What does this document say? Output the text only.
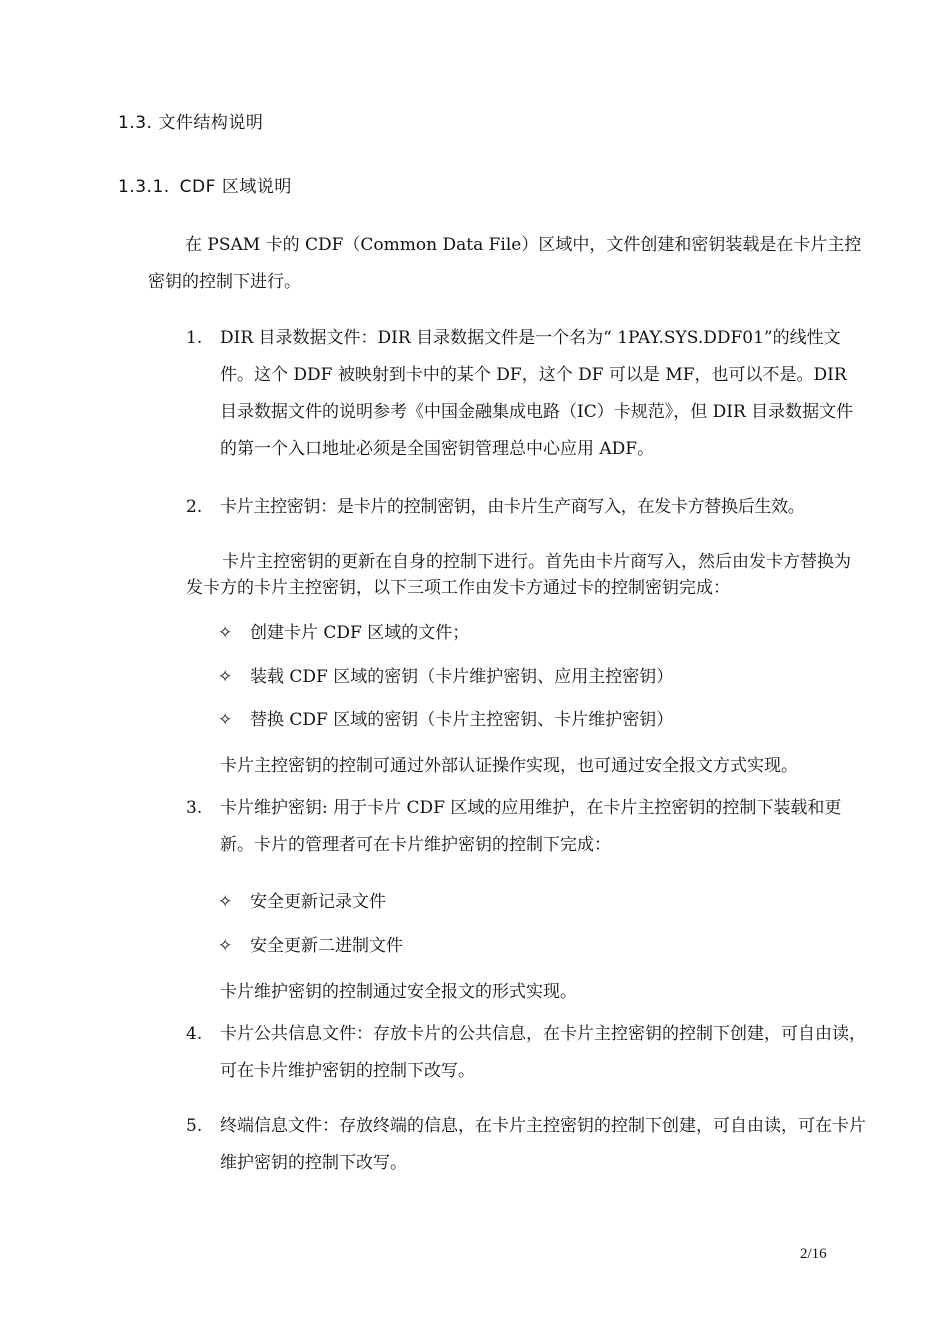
1.3. 文件结构说明
1.3.1. CDF 区域说明
在 PSAM 卡的 CDF（Common Data File）区域中，文件创建和密钥装载是在卡片主控密钥的控制下进行。
1.	DIR 目录数据文件：DIR 目录数据文件是一个名为“ 1PAY.SYS.DDF01”的线性文件。这个 DDF 被映射到卡中的某个 DF，这个 DF 可以是 MF，也可以不是。DIR 目录数据文件的说明参考《中国金融集成电路（IC）卡规范》，但 DIR 目录数据文件的第一个入口地址必须是全国密钥管理总中心应用 ADF。
2.	卡片主控密钥：是卡片的控制密钥，由卡片生产商写入，在发卡方替换后生效。
卡片主控密钥的更新在自身的控制下进行。首先由卡片商写入，然后由发卡方替换为发卡方的卡片主控密钥，以下三项工作由发卡方通过卡的控制密钥完成：
✧ 创建卡片 CDF 区域的文件；
✧ 装载 CDF 区域的密钥（卡片维护密钥、应用主控密钥）
✧ 替换 CDF 区域的密钥（卡片主控密钥、卡片维护密钥）
卡片主控密钥的控制可通过外部认证操作实现，也可通过安全报文方式实现。
3.	卡片维护密钥: 用于卡片 CDF 区域的应用维护，在卡片主控密钥的控制下装载和更新。卡片的管理者可在卡片维护密钥的控制下完成：
✧ 安全更新记录文件
✧ 安全更新二进制文件
卡片维护密钥的控制通过安全报文的形式实现。
4.	卡片公共信息文件：存放卡片的公共信息，在卡片主控密钥的控制下创建，可自由读，可在卡片维护密钥的控制下改写。
5.	终端信息文件：存放终端的信息，在卡片主控密钥的控制下创建，可自由读，可在卡片维护密钥的控制下改写。
2/16
